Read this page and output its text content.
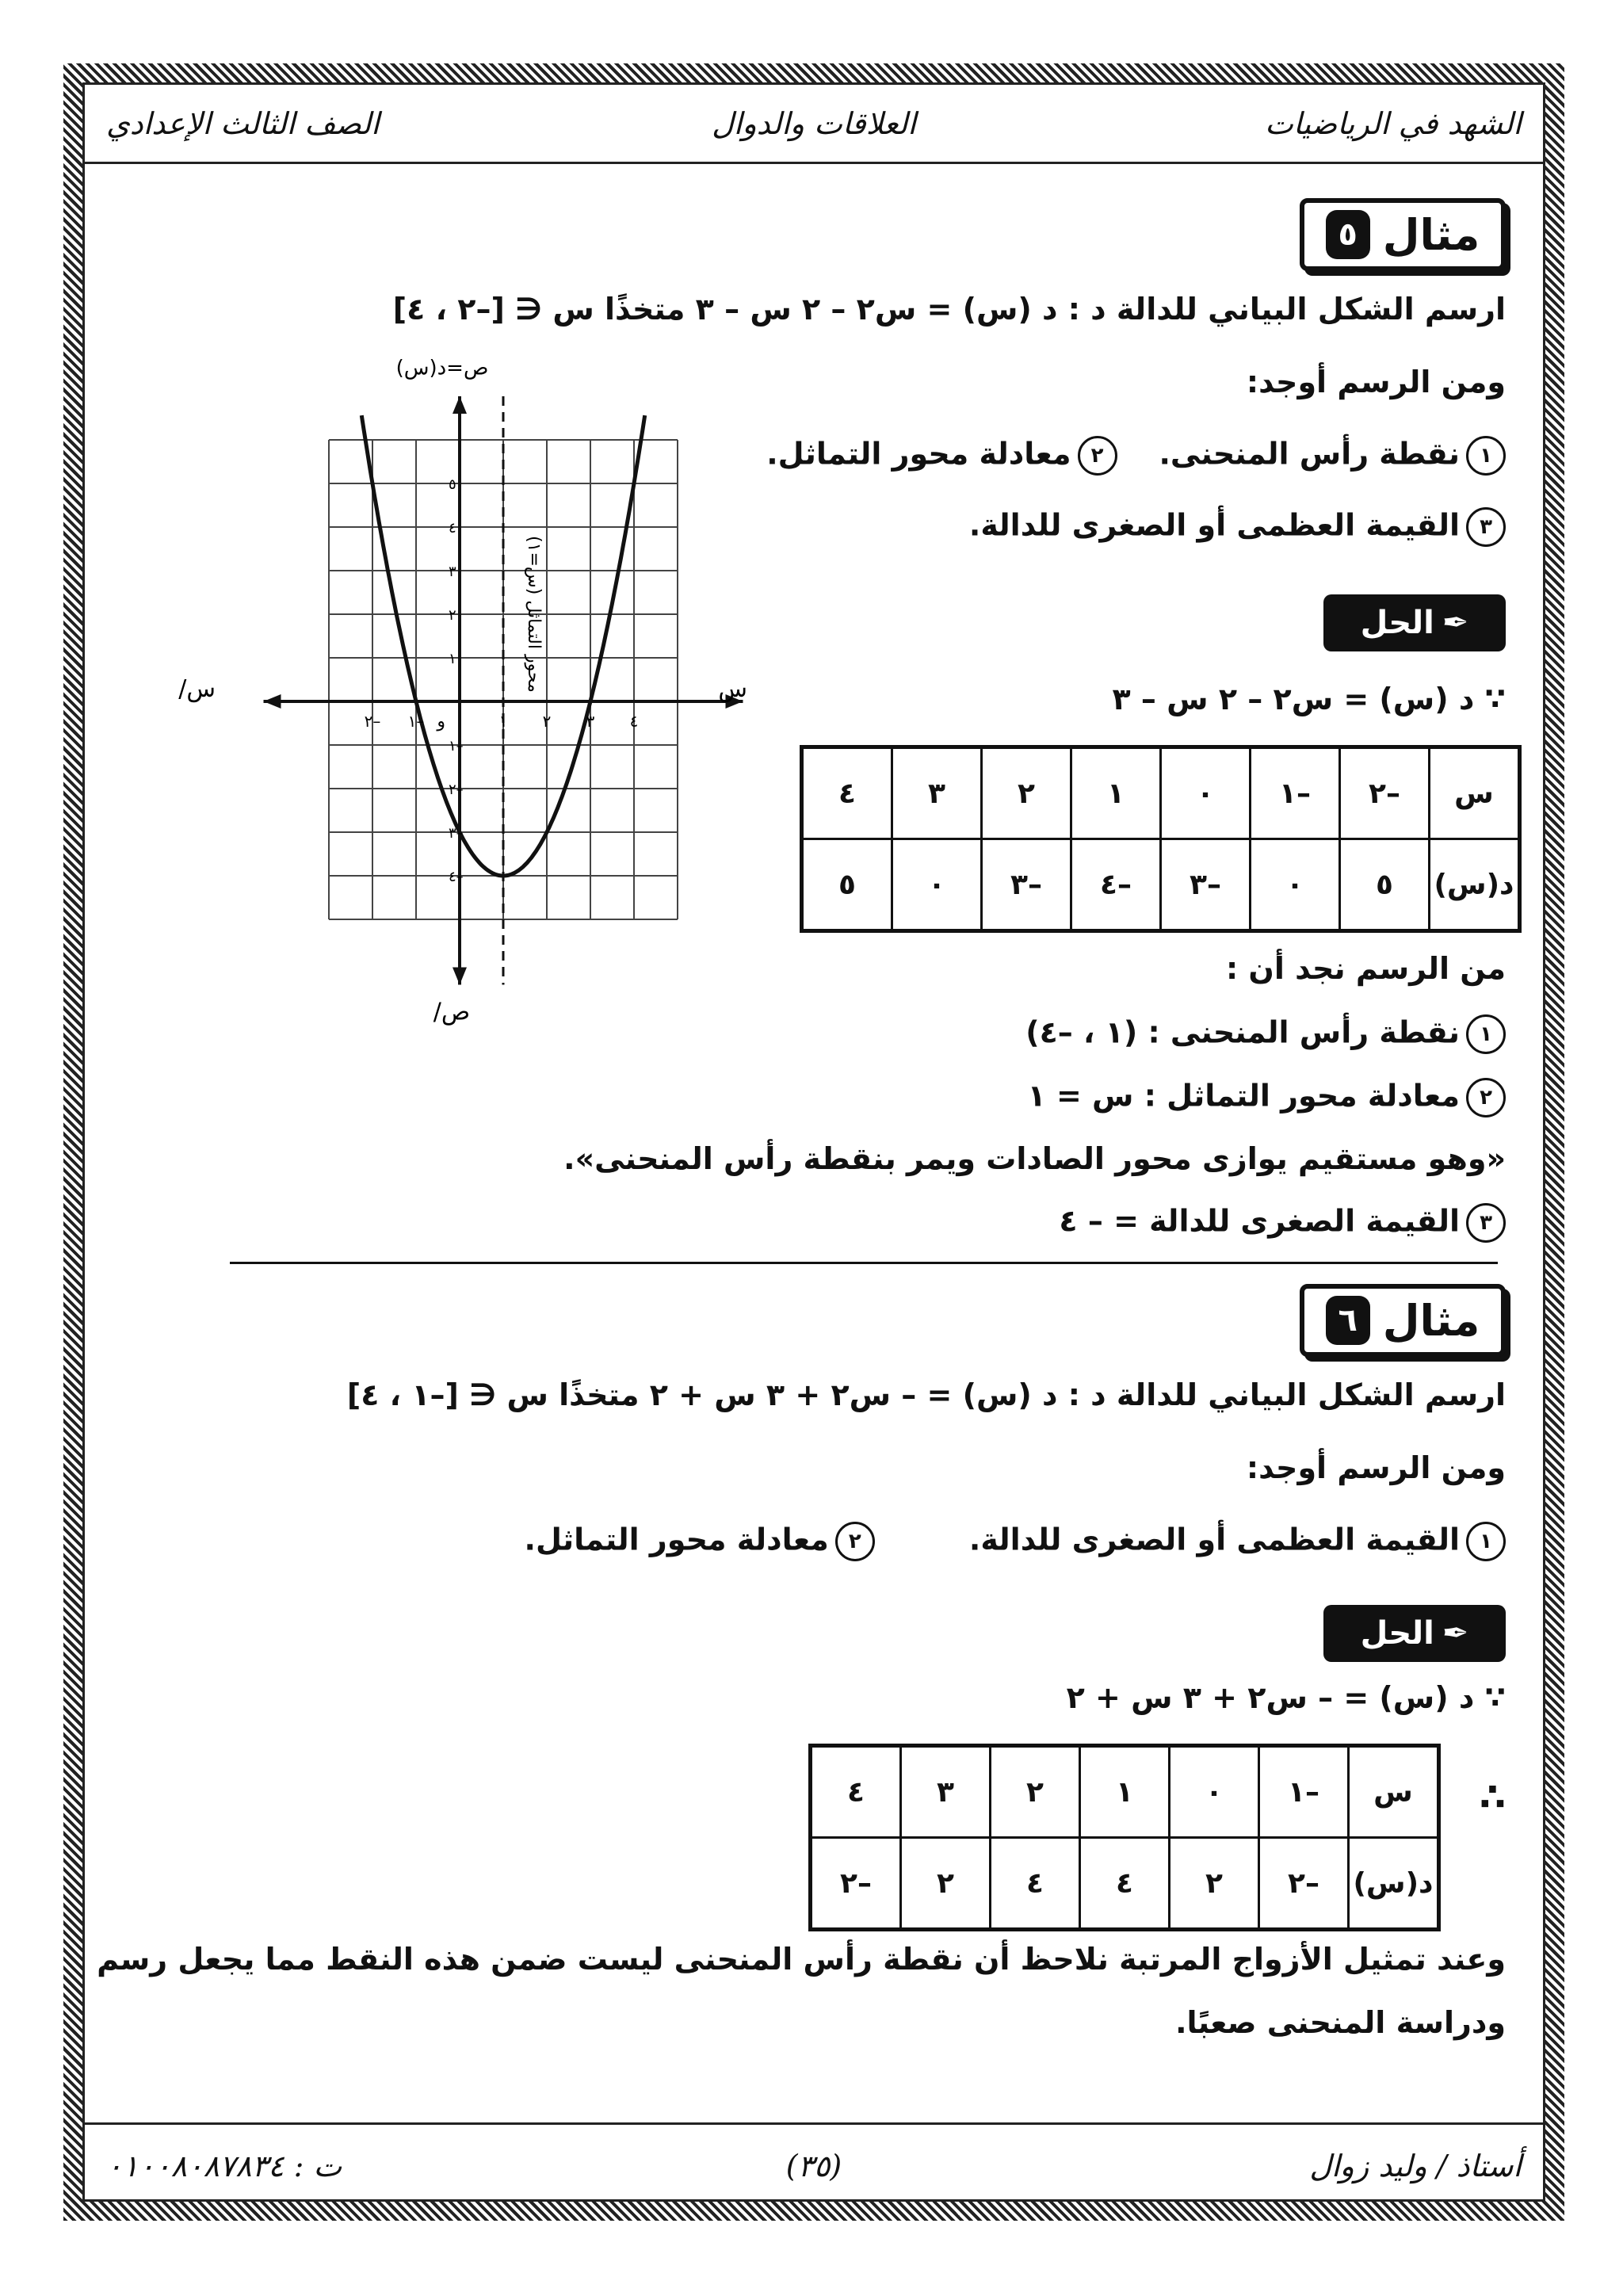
الشهد في الرياضيات
العلاقات والدوال
الصف الثالث الإعدادي
مثال
٥
ارسم الشكل البياني للدالة د : د (س) = س٢ – ٢ س – ٣ متخذًا س ∈ [–٢ ، ٤]
ومن الرسم أوجد:
١نقطة رأس المنحنى.    ٢معادلة محور التماثل.
٣القيمة العظمى أو الصغرى للدالة.
✒
الحل
∵ د (س) = س٢ – ٢ س – ٣
س	–٢	–١	٠	١	٢	٣	٤
د(س)	٥	٠	–٣	–٤	–٣	٠	٥
–٢ –١	١ ٢ ٣ ٤
١
٢
٣
٤
٥
–١
–٢
–٣
–٤
و
س
س/
ص/
ص=د(س)
محور التماثل (س=١)
من الرسم نجد أن :
١نقطة رأس المنحنى : (١ ، –٤)
٢معادلة محور التماثل : س = ١
«وهو مستقيم يوازى محور الصادات ويمر بنقطة رأس المنحنى».
٣القيمة الصغرى للدالة = – ٤
مثال
٦
ارسم الشكل البياني للدالة د : د (س) = – س٢ + ٣ س + ٢ متخذًا س ∈ [–١ ، ٤]
ومن الرسم أوجد:
١القيمة العظمى أو الصغرى للدالة.         ٢معادلة محور التماثل.
✒
الحل
∵ د (س) = – س٢ + ٣ س + ٢
∴
وعند تمثيل الأزواج المرتبة نلاحظ أن نقطة رأس المنحنى ليست ضمن هذه النقط مما يجعل رسم
ودراسة المنحنى صعبًا.
س	–١	٠	١	٢	٣	٤
د(س)	–٢	٢	٤	٤	٢	–٢
أستاذ / وليد زوال
(٣٥)
ت : ٠١٠٠٨٠٨٧٨٣٤
